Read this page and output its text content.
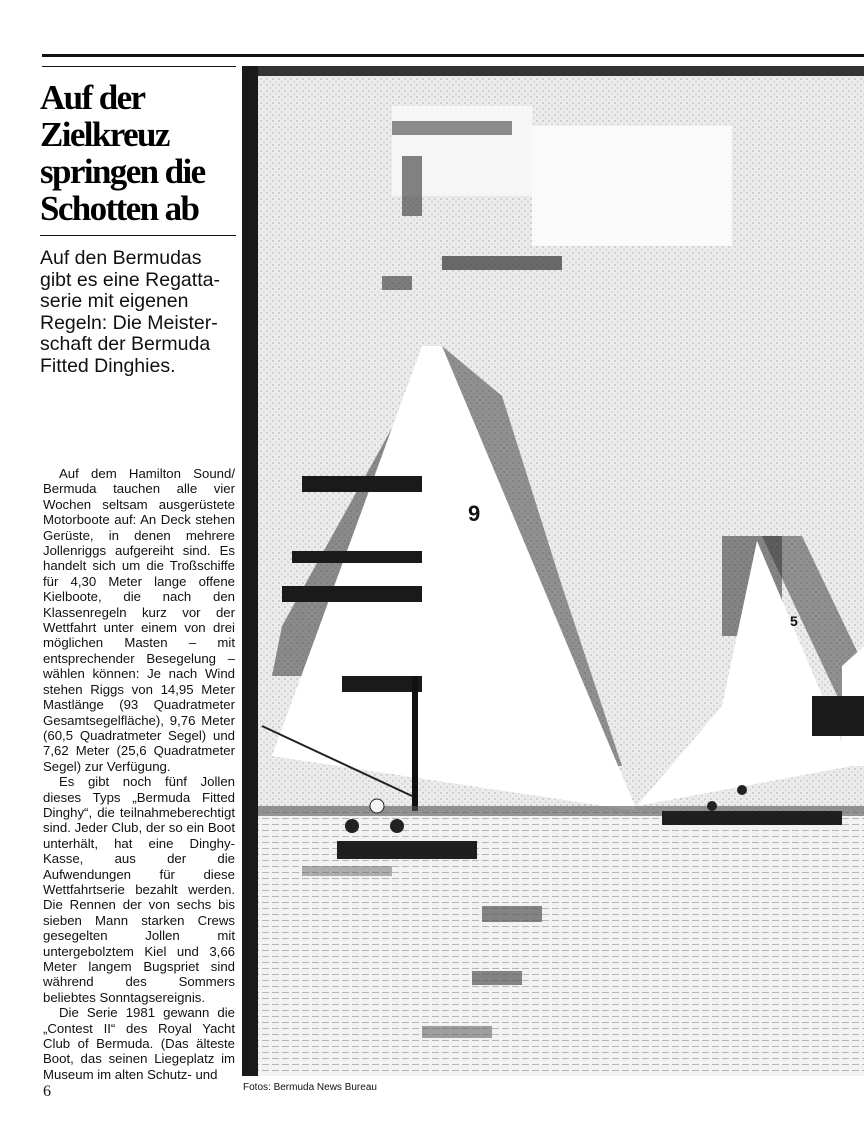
Auf der
Zielkreuz
springen die
Schotten ab
Auf den Bermudas
gibt es eine Regatta-
serie mit eigenen
Regeln: Die Meister-
schaft der Bermuda
Fitted Dinghies.

Auf dem Hamilton Sound/ Bermuda tauchen alle vier Wochen seltsam ausgerüstete Motorboote auf: An Deck stehen Gerüste, in denen mehrere Jollenriggs aufgereiht sind. Es handelt sich um die Troßschiffe für 4,30 Meter lange offene Kielboote, die nach den Klassenregeln kurz vor der Wettfahrt unter einem von drei möglichen Masten – mit entsprechender Besegelung – wählen können: Je nach Wind stehen Riggs von 14,95 Meter Mastlänge (93 Quadratmeter Gesamtsegelfläche), 9,76 Meter (60,5 Quadratmeter Segel) und 7,62 Meter (25,6 Quadratmeter Segel) zur Verfügung.

Es gibt noch fünf Jollen dieses Typs „Bermuda Fitted Dinghy“, die teilnahmeberechtigt sind. Jeder Club, der so ein Boot unterhält, hat eine Dinghy-Kasse, aus der die Aufwendungen für diese Wettfahrtserie bezahlt werden. Die Rennen der von sechs bis sieben Mann starken Crews gesegelten Jollen mit untergebolztem Kiel und 3,66 Meter langem Bugspriet sind während des Sommers beliebtes Sonntagsereignis.

Die Serie 1981 gewann die „Contest II“ des Royal Yacht Club of Bermuda. (Das älteste Boot, das seinen Liegeplatz im Museum im alten Schutz- und

9
5
Fotos: Bermuda News Bureau
6
